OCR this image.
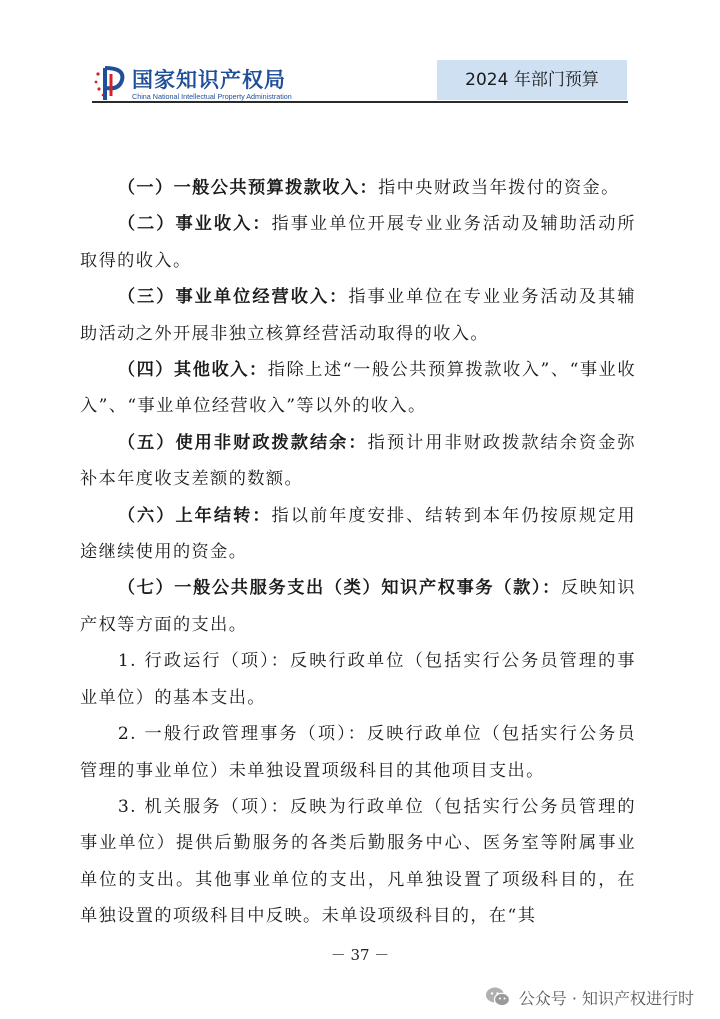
国家知识产权局
China National Intellectual Property Administration
2024 年部门预算

（一）一般公共预算拨款收入：指中央财政当年拨付的资金。

（二）事业收入：指事业单位开展专业业务活动及辅助活动所取得的收入。

（三）事业单位经营收入：指事业单位在专业业务活动及其辅助活动之外开展非独立核算经营活动取得的收入。

（四）其他收入：指除上述“一般公共预算拨款收入”、“事业收入”、“事业单位经营收入”等以外的收入。

（五）使用非财政拨款结余：指预计用非财政拨款结余资金弥补本年度收支差额的数额。

（六）上年结转：指以前年度安排、结转到本年仍按原规定用途继续使用的资金。

（七）一般公共服务支出（类）知识产权事务（款）：反映知识产权等方面的支出。

1. 行政运行（项）：反映行政单位（包括实行公务员管理的事业单位）的基本支出。

2. 一般行政管理事务（项）：反映行政单位（包括实行公务员管理的事业单位）未单独设置项级科目的其他项目支出。

3. 机关服务（项）：反映为行政单位（包括实行公务员管理的事业单位）提供后勤服务的各类后勤服务中心、医务室等附属事业单位的支出。其他事业单位的支出，凡单独设置了项级科目的，在单独设置的项级科目中反映。未单设项级科目的，在“其

－ 37 －
公众号 · 知识产权进行时
